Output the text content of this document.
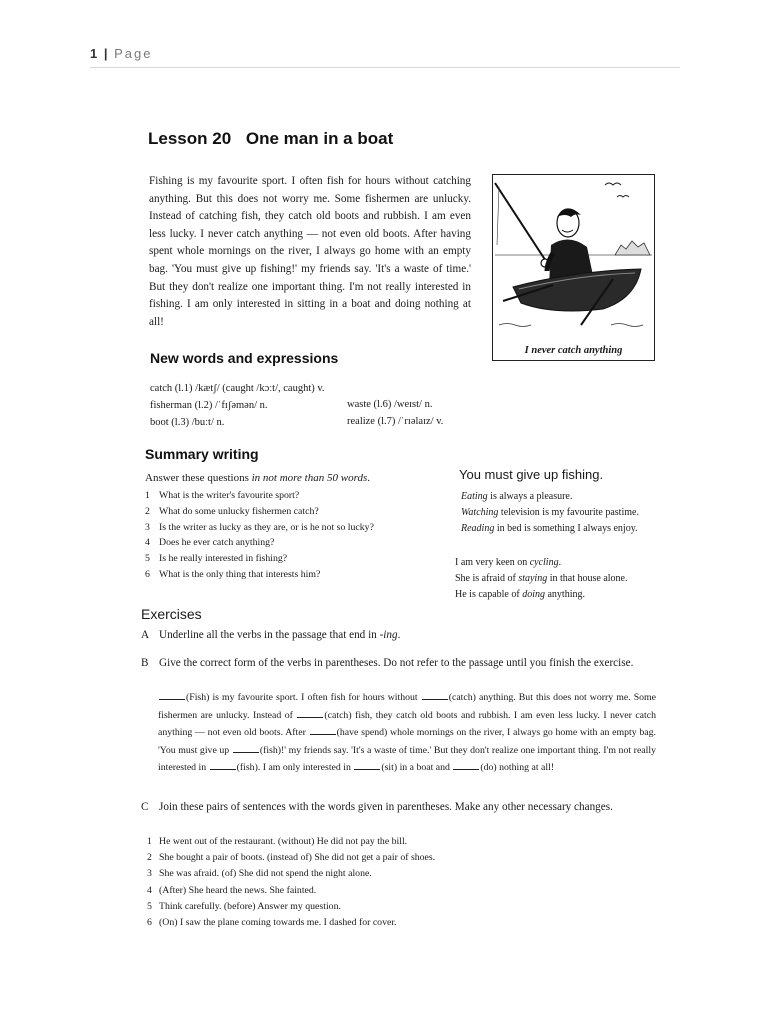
1 | Page
Lesson 20 One man in a boat
Fishing is my favourite sport. I often fish for hours without catching anything. But this does not worry me. Some fishermen are unlucky. Instead of catching fish, they catch old boots and rubbish. I am even less lucky. I never catch anything — not even old boots. After having spent whole mornings on the river, I always go home with an empty bag. 'You must give up fishing!' my friends say. 'It's a waste of time.' But they don't realize one important thing. I'm not really interested in fishing. I am only interested in sitting in a boat and doing nothing at all!
I never catch anything
New words and expressions
catch (l.1) /kætʃ/ (caught /kɔːt/, caught) v.
fisherman (l.2) /ˈfɪʃəmən/ n.
boot (l.3) /buːt/ n.
waste (l.6) /weɪst/ n.
realize (l.7) /ˈrɪəlaɪz/ v.
Summary writing
Answer these questions in not more than 50 words.
1 What is the writer's favourite sport?
2 What do some unlucky fishermen catch?
3 Is the writer as lucky as they are, or is he not so lucky?
4 Does he ever catch anything?
5 Is he really interested in fishing?
6 What is the only thing that interests him?
You must give up fishing.
Eating is always a pleasure.
Watching television is my favourite pastime.
Reading in bed is something I always enjoy.
I am very keen on cycling.
She is afraid of staying in that house alone.
He is capable of doing anything.
Exercises
A Underline all the verbs in the passage that end in -ing.
B Give the correct form of the verbs in parentheses. Do not refer to the passage until you finish the exercise.
(Fish) is my favourite sport. I often fish for hours without	(catch) anything. But this does not worry me. Some fishermen are unlucky. Instead of	(catch) fish, they catch old boots and rubbish. I am even less lucky. I never catch anything — not even old boots. After	(have spend) whole mornings on the river, I always go home with an empty bag. 'You must give up	(fish)!' my friends say. 'It's a waste of time.' But they don't realize one important thing. I'm not really interested in	(fish). I am only interested in	(sit) in a boat and	(do) nothing at all!
C Join these pairs of sentences with the words given in parentheses. Make any other necessary changes.
1 He went out of the restaurant. (without) He did not pay the bill.
2 She bought a pair of boots. (instead of) She did not get a pair of shoes.
3 She was afraid. (of) She did not spend the night alone.
4 (After) She heard the news. She fainted.
5 Think carefully. (before) Answer my question.
6 (On) I saw the plane coming towards me. I dashed for cover.
